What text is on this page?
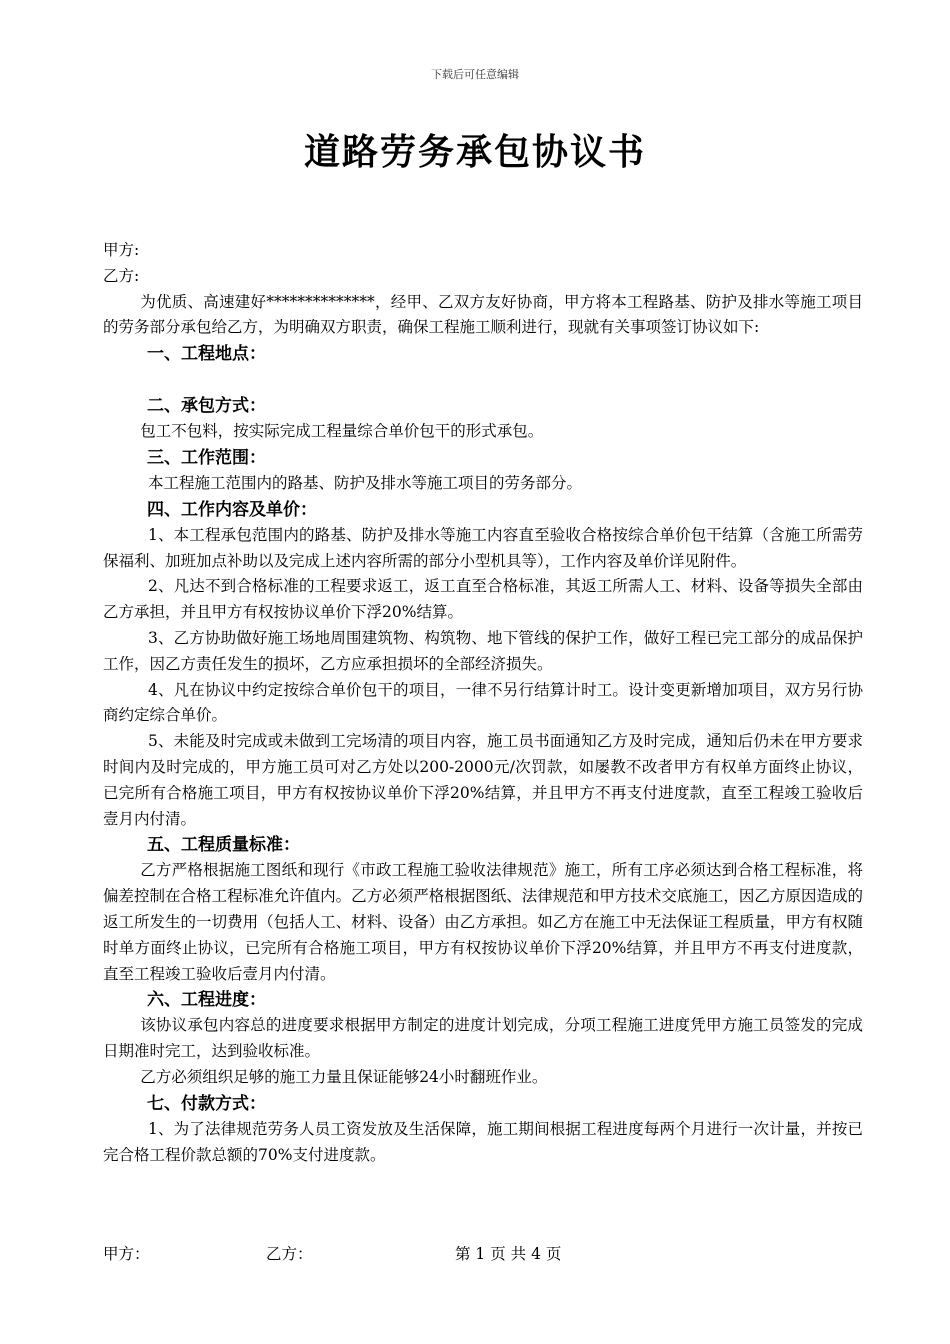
下载后可任意编辑
道路劳务承包协议书

甲方:

乙方:

为优质、高速建好**************，经甲、乙双方友好协商，甲方将本工程路基、防护及排水等施工项目的劳务部分承包给乙方，为明确双方职责，确保工程施工顺利进行，现就有关事项签订协议如下:

一、工程地点：
二、承包方式：

包工不包料，按实际完成工程量综合单价包干的形式承包。

三、工作范围：

本工程施工范围内的路基、防护及排水等施工项目的劳务部分。

四、工作内容及单价：

1、本工程承包范围内的路基、防护及排水等施工内容直至验收合格按综合单价包干结算（含施工所需劳保福利、加班加点补助以及完成上述内容所需的部分小型机具等），工作内容及单价详见附件。

2、凡达不到合格标准的工程要求返工，返工直至合格标准，其返工所需人工、材料、设备等损失全部由乙方承担，并且甲方有权按协议单价下浮20%结算。

3、乙方协助做好施工场地周围建筑物、构筑物、地下管线的保护工作，做好工程已完工部分的成品保护工作，因乙方责任发生的损坏，乙方应承担损坏的全部经济损失。

4、凡在协议中约定按综合单价包干的项目，一律不另行结算计时工。设计变更新增加项目，双方另行协商约定综合单价。

5、未能及时完成或未做到工完场清的项目内容，施工员书面通知乙方及时完成，通知后仍未在甲方要求时间内及时完成的，甲方施工员可对乙方处以200-2000元/次罚款，如屡教不改者甲方有权单方面终止协议，已完所有合格施工项目，甲方有权按协议单价下浮20%结算，并且甲方不再支付进度款，直至工程竣工验收后壹月内付清。

五、工程质量标准：

乙方严格根据施工图纸和现行《市政工程施工验收法律规范》施工，所有工序必须达到合格工程标准，将偏差控制在合格工程标准允许值内。乙方必须严格根据图纸、法律规范和甲方技术交底施工，因乙方原因造成的返工所发生的一切费用（包括人工、材料、设备）由乙方承担。如乙方在施工中无法保证工程质量，甲方有权随时单方面终止协议，已完所有合格施工项目，甲方有权按协议单价下浮20%结算，并且甲方不再支付进度款，直至工程竣工验收后壹月内付清。

六、工程进度：

该协议承包内容总的进度要求根据甲方制定的进度计划完成，分项工程施工进度凭甲方施工员签发的完成日期准时完工，达到验收标准。

乙方必须组织足够的施工力量且保证能够24小时翻班作业。

七、付款方式：

1、为了法律规范劳务人员工资发放及生活保障，施工期间根据工程进度每两个月进行一次计量，并按已完合格工程价款总额的70%支付进度款。

甲方：	乙方：	第 1 页 共 4 页
